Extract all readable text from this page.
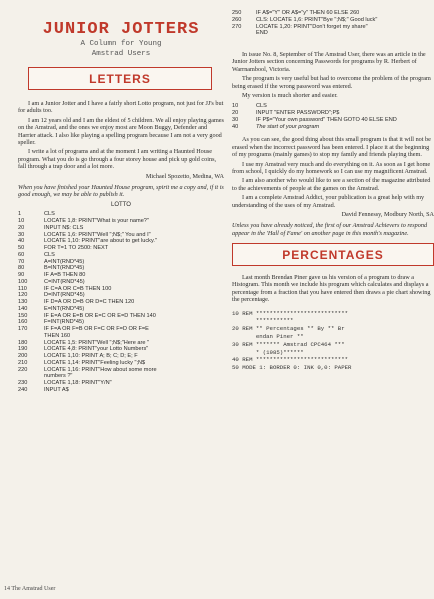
JUNIOR JOTTERS
A Column for Young
Amstrad Users
LETTERS

I am a Junior Jotter and I have a fairly short Lotto program, not just for JJ's but for adults too.

I am 12 years old and I am the eldest of 5 children. We all enjoy playing games on the Amstrad, and the ones we enjoy most are Moon Buggy, Defender and Harrier attack. I also like playing a spelling program because I am not a very good speller.

I write a lot of programs and at the moment I am writing a Haunted House program. What you do is go through a four storey house and pick up gold coins, fall through a trap door and a lot more.

Michael Spozetto, Medina, WA
When you have finished your Haunted House program, spirit me a copy and, if it is good enough, we may be able to publish it.
LOTTO
1	CLS
10	LOCATE 1,8: PRINT"What is your name?"
20	INPUT N$: CLS
30	LOCATE 1,6: PRINT"Well ";N$;" You and I"
40	LOCATE 1,10: PRINT"are about to get lucky."
50	FOR T=1 TO 2500: NEXT
60	CLS
70	A=INT(RND*45)
80	B=INT(RND*45)
90	IF A=B THEN 80
100	C=INT(RND*45)
110	IF C=A OR C=B THEN 100
120	D=INT(RND*45)
130	IF D=A OR D=B OR D=C THEN 120
140	E=INT(RND*45)
150	IF E=A OR E=B OR E=C OR E=D THEN 140
160	F=INT(RND*45)
170	IF F=A OR F=B OR F=C OR F=D OR F=E
	THEN 160
180	LOCATE 1,5: PRINT"Well ";N$;"Here are "
190	LOCATE 4,8: PRINT"your Lotto Numbers"
200	LOCATE 1,10: PRINT A; B; C; D; E; F
210	LOCATE 1,14: PRINT"Feeling lucky ";N$
220	LOCATE 1,16: PRINT"How about some more
	numbers ?"
230	LOCATE 1,18: PRINT"Y/N"
240	INPUT A$
14 The Amstrad User
250	IF A$="Y" OR A$="y" THEN 60 ELSE 260
260	CLS: LOCATE 1,6: PRINT"Bye ";N$;" Good luck"
270	LOCATE 1,20: PRINT"Don't forget my share"
	END

In issue No. 8, September of The Amstrad User, there was an article in the Junior Jotters section concerning Passwords for programs by R. Herbert of Warrnambool, Victoria.

The program is very useful but had to overcome the problem of the program being erased if the wrong password was entered.

My version is much shorter and easier.

10	CLS
20	INPUT "ENTER PASSWORD";P$
30	IF P$="Your own password" THEN GOTO 40 ELSE END
40	The start of your program

As you can see, the good thing about this small program is that it will not be erased when the incorrect password has been entered. I place it at the beginning of my programs (mainly games) to stop my family and friends playing them.

I use my Amstrad very much and do everything on it. As soon as I get home from school, I quickly do my homework so I can use my magnificent Amstrad.

I am also another who would like to see a section of the magazine attributed to the achievements of people at the games on the Amstrad.

I am a complete Amstrad Addict, your publication is a great help with my understanding of the uses of my Amstrad.

David Fennessy, Modbury North, SA
Unless you have already noticed, the first of our Amstrad Achievers to respond appear in the 'Hall of Fame' on another page in this month's magazine.
PERCENTAGES

Last month Brendan Piner gave us his version of a program to draw a Histogram. This month we include his program which calculates and displays a percentage from a fraction that you have entered then draws a pie chart showing the percentage.

10 REM ***************************
***********
20 REM ** Percentages ** By ** Br
endan Piner **
30 REM ******* Amstrad CPC464 ***
* (1985)******
40 REM ***************************
50 MODE 1: BORDER 0: INK 0,0: PAPER
